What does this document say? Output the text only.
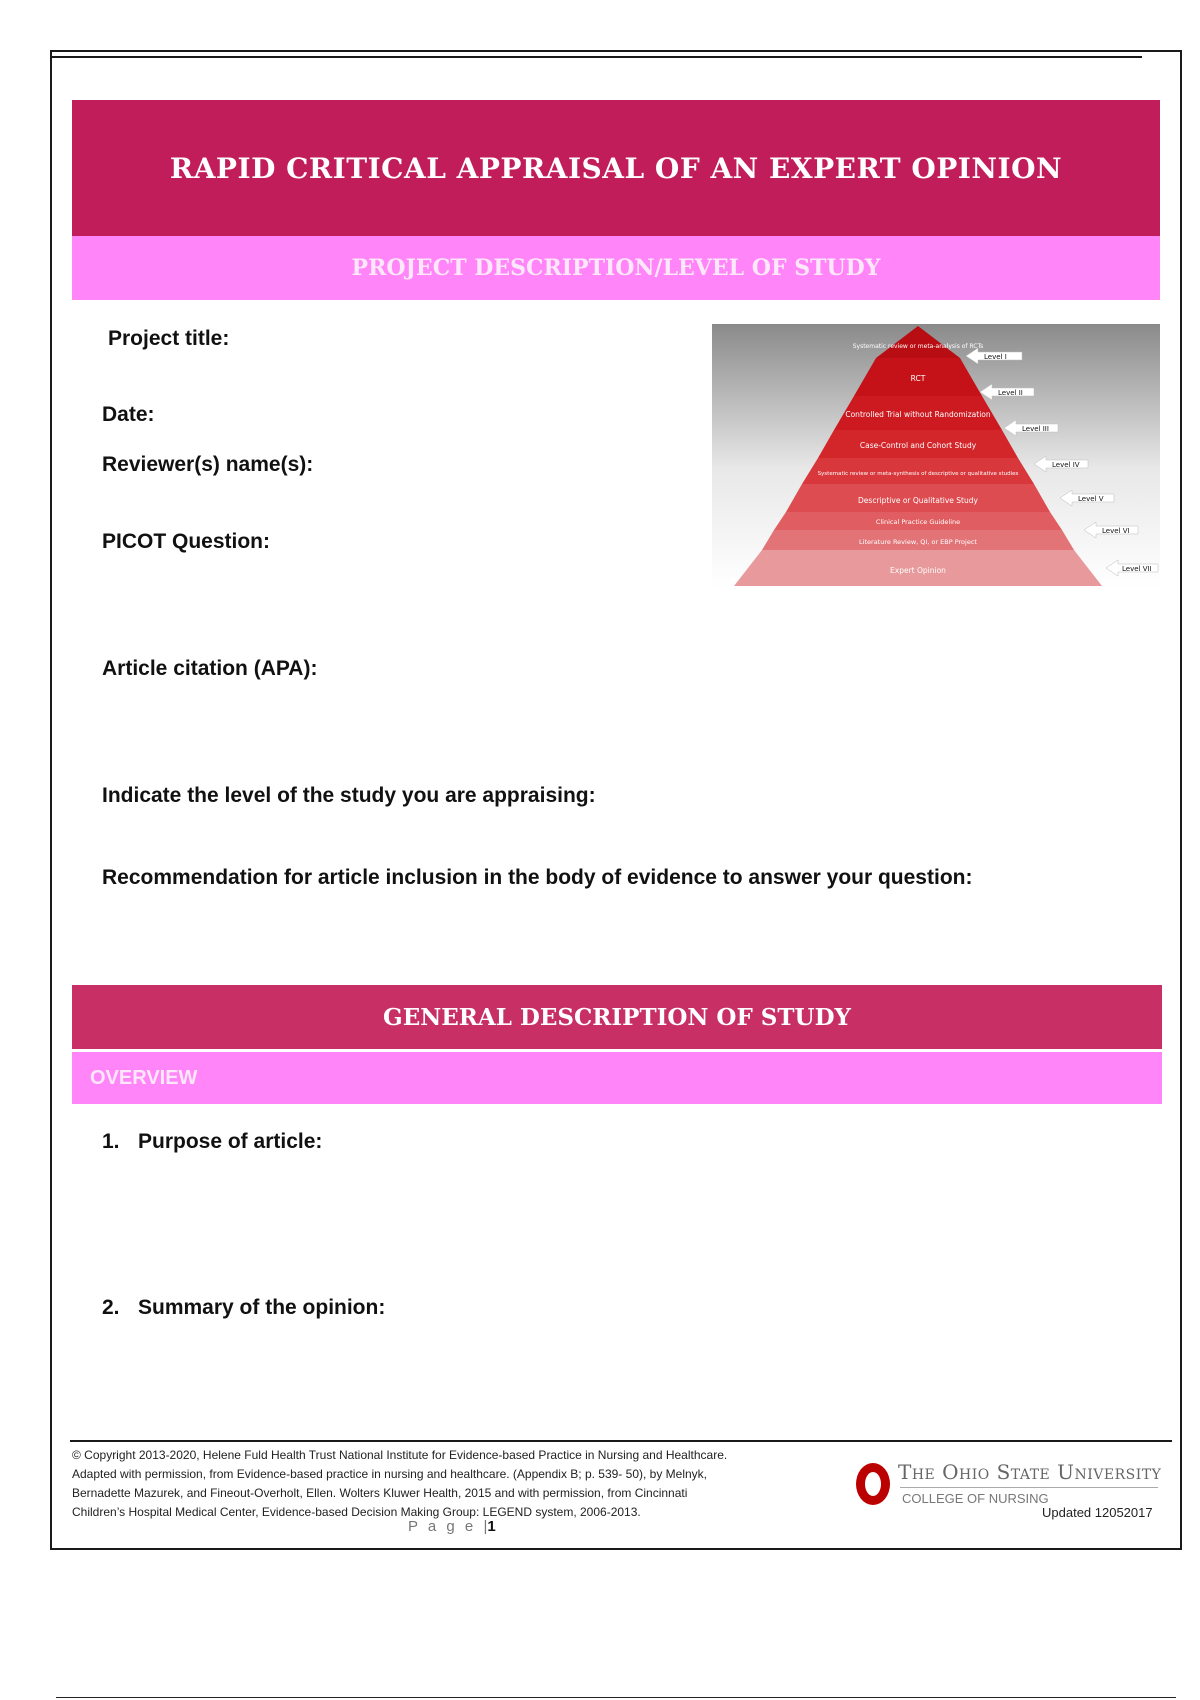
RAPID CRITICAL APPRAISAL OF AN EXPERT OPINION
PROJECT DESCRIPTION/LEVEL OF STUDY
Project title:
Date:
Reviewer(s) name(s):
PICOT Question:
Article citation (APA):
Indicate the level of the study you are appraising:
Recommendation for article inclusion in the body of evidence to answer your question:
Systematic review or meta-analysis of RCTs
RCT
Controlled Trial without Randomization
Case-Control and Cohort Study
Systematic review or meta-synthesis of descriptive or qualitative studies
Descriptive or Qualitative Study
Clinical Practice Guideline
Literature Review, QI, or EBP Project
Expert Opinion
Level I
Level II
Level III
Level IV
Level V
Level VI
Level VII
GENERAL DESCRIPTION OF STUDY
OVERVIEW
1. Purpose of article:
2. Summary of the opinion:
© Copyright 2013-2020, Helene Fuld Health Trust National Institute for Evidence-based Practice in Nursing and Healthcare.
Adapted with permission, from Evidence-based practice in nursing and healthcare. (Appendix B; p. 539- 50), by Melnyk,
Bernadette Mazurek, and Fineout-Overholt, Ellen. Wolters Kluwer Health, 2015 and with permission, from Cincinnati
Children’s Hospital Medical Center, Evidence-based Decision Making Group: LEGEND system, 2006-2013.
P a g e |1
The Ohio State University
COLLEGE OF NURSING
Updated 12052017
